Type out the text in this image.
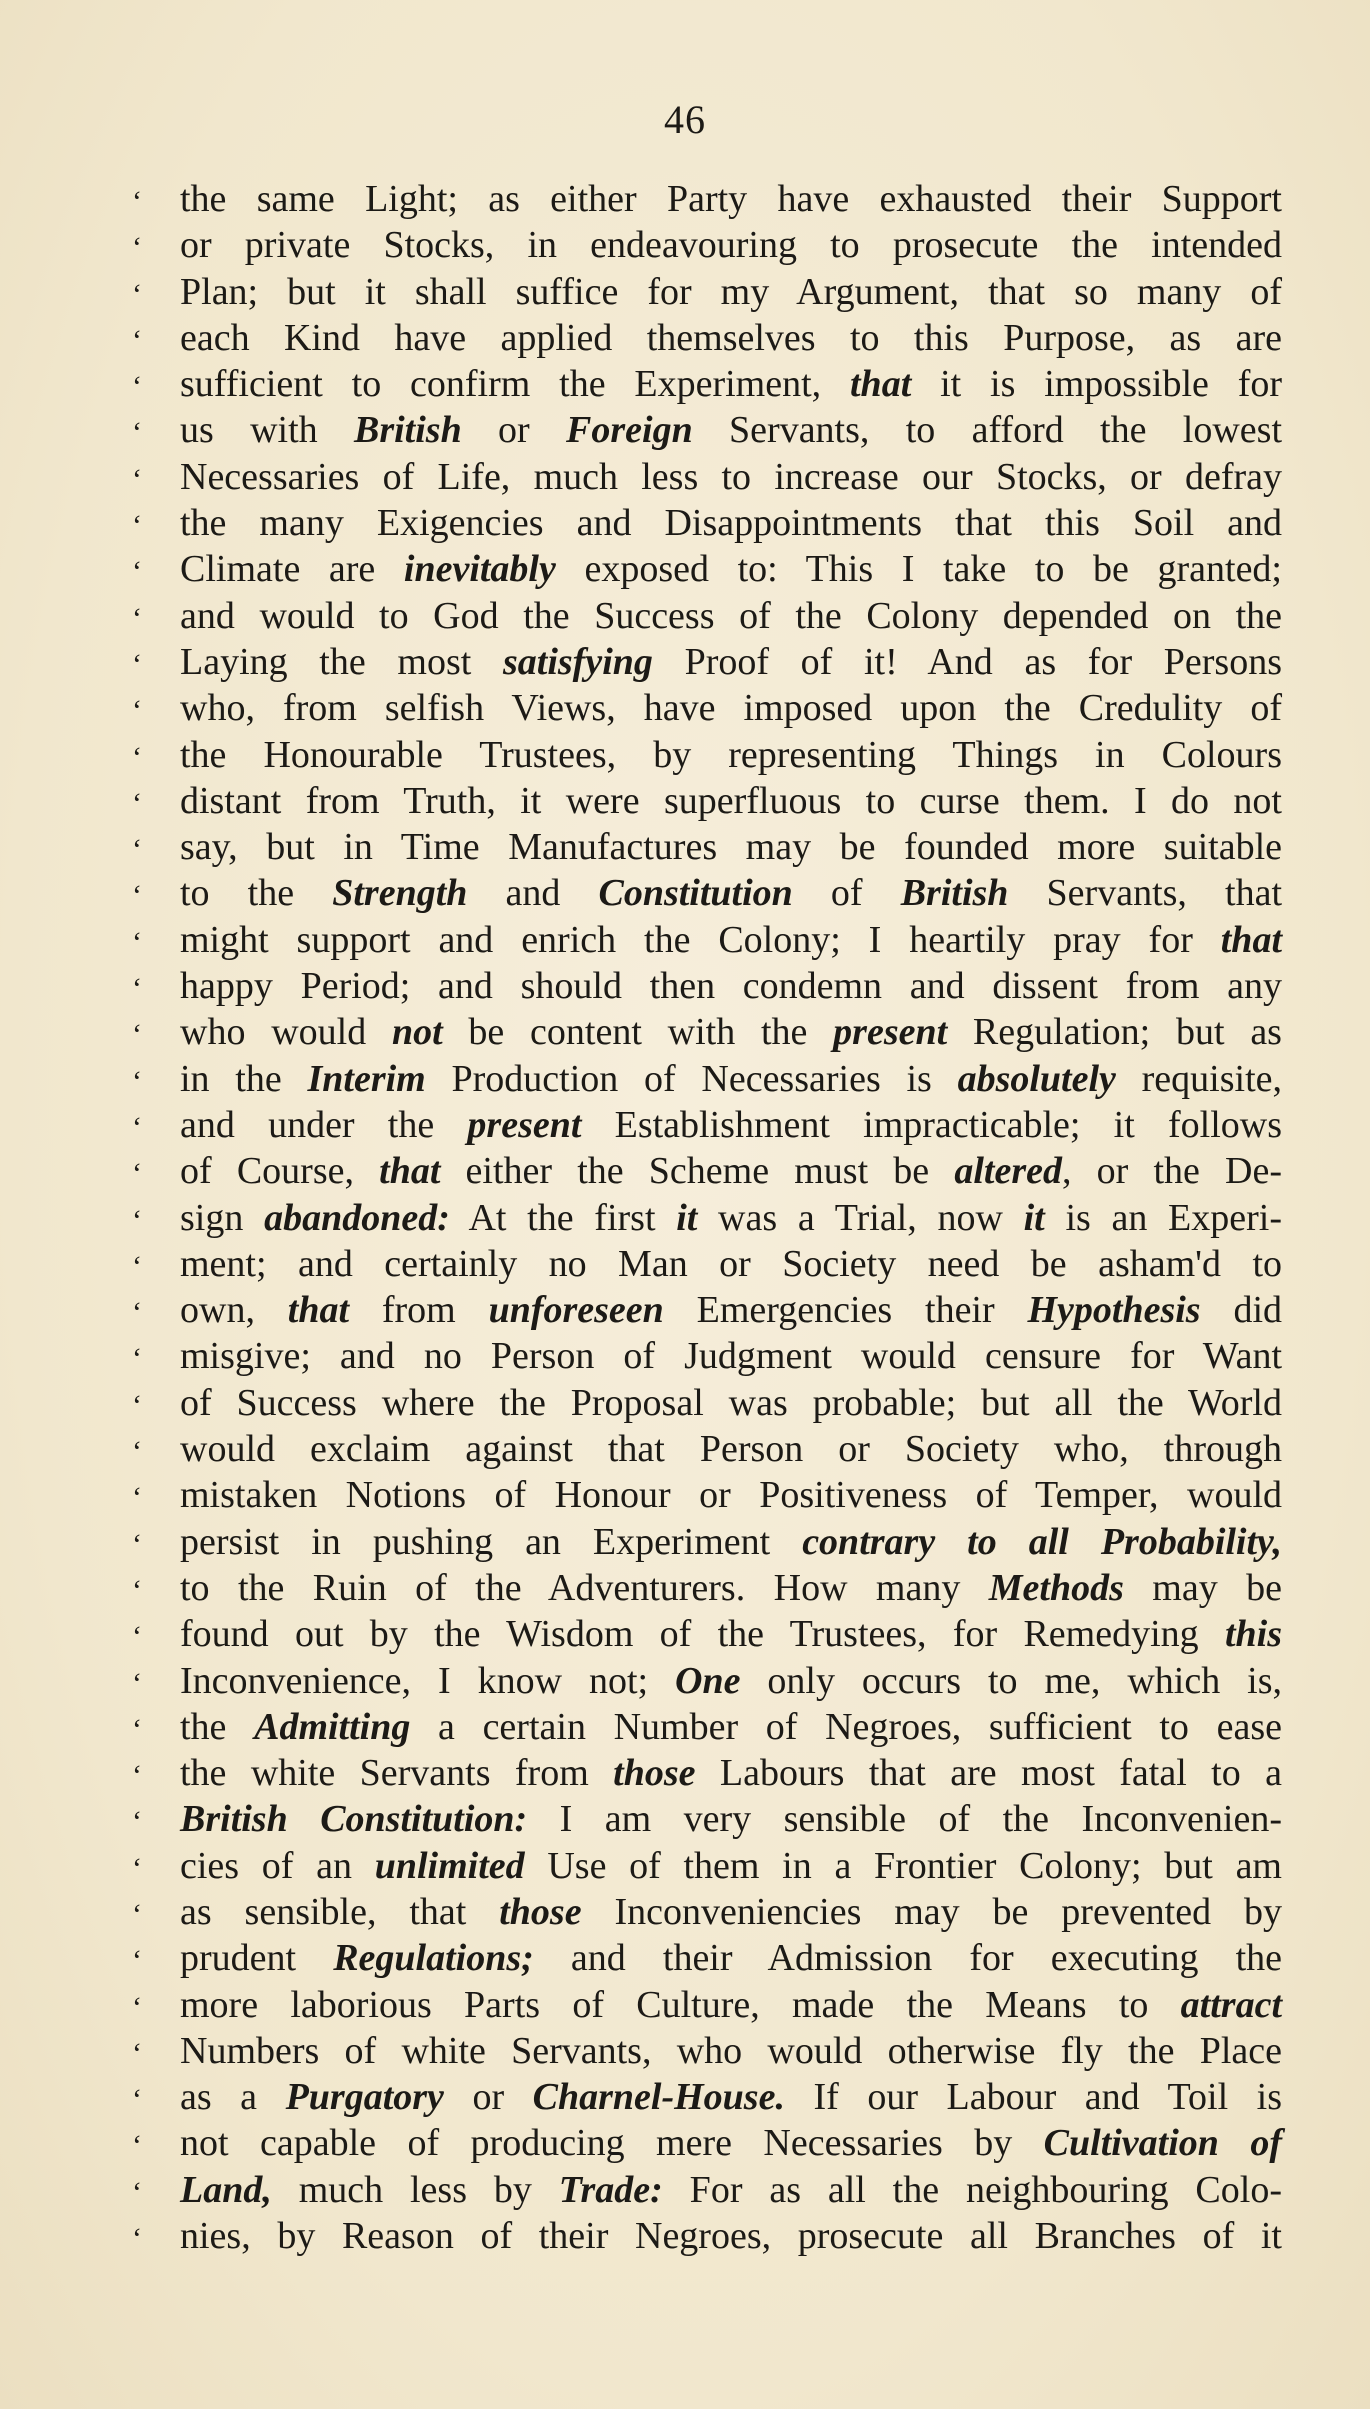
46
‘	the same Light; as either Party have exhausted their Support
‘	or private Stocks, in endeavouring to prosecute the intended
‘	Plan; but it shall suffice for my Argument, that so many of
‘	each Kind have applied themselves to this Purpose, as are
‘	sufficient to confirm the Experiment, that it is impossible for
‘	us with British or Foreign Servants, to afford the lowest
‘	Necessaries of Life, much less to increase our Stocks, or defray
‘	the many Exigencies and Disappointments that this Soil and
‘	Climate are inevitably exposed to: This I take to be granted;
‘	and would to God the Success of the Colony depended on the
‘	Laying the most satisfying Proof of it! And as for Persons
‘	who, from selfish Views, have imposed upon the Credulity of
‘	the Honourable Trustees, by representing Things in Colours
‘	distant from Truth, it were superfluous to curse them. I do not
‘	say, but in Time Manufactures may be founded more suitable
‘	to the Strength and Constitution of British Servants, that
‘	might support and enrich the Colony; I heartily pray for that
‘	happy Period; and should then condemn and dissent from any
‘	who would not be content with the present Regulation; but as
‘	in the Interim Production of Necessaries is absolutely requisite,
‘	and under the present Establishment impracticable; it follows
‘	of Course, that either the Scheme must be altered, or the De-
‘	sign abandoned: At the first it was a Trial, now it is an Experi-
‘	ment; and certainly no Man or Society need be asham'd to
‘	own, that from unforeseen Emergencies their Hypothesis did
‘	misgive; and no Person of Judgment would censure for Want
‘	of Success where the Proposal was probable; but all the World
‘	would exclaim against that Person or Society who, through
‘	mistaken Notions of Honour or Positiveness of Temper, would
‘	persist in pushing an Experiment contrary to all Probability,
‘	to the Ruin of the Adventurers. How many Methods may be
‘	found out by the Wisdom of the Trustees, for Remedying this
‘	Inconvenience, I know not; One only occurs to me, which is,
‘	the Admitting a certain Number of Negroes, sufficient to ease
‘	the white Servants from those Labours that are most fatal to a
‘	British Constitution: I am very sensible of the Inconvenien-
‘	cies of an unlimited Use of them in a Frontier Colony; but am
‘	as sensible, that those Inconveniencies may be prevented by
‘	prudent Regulations; and their Admission for executing the
‘	more laborious Parts of Culture, made the Means to attract
‘	Numbers of white Servants, who would otherwise fly the Place
‘	as a Purgatory or Charnel-House. If our Labour and Toil is
‘	not capable of producing mere Necessaries by Cultivation of
‘	Land, much less by Trade: For as all the neighbouring Colo-
‘	nies, by Reason of their Negroes, prosecute all Branches of it
